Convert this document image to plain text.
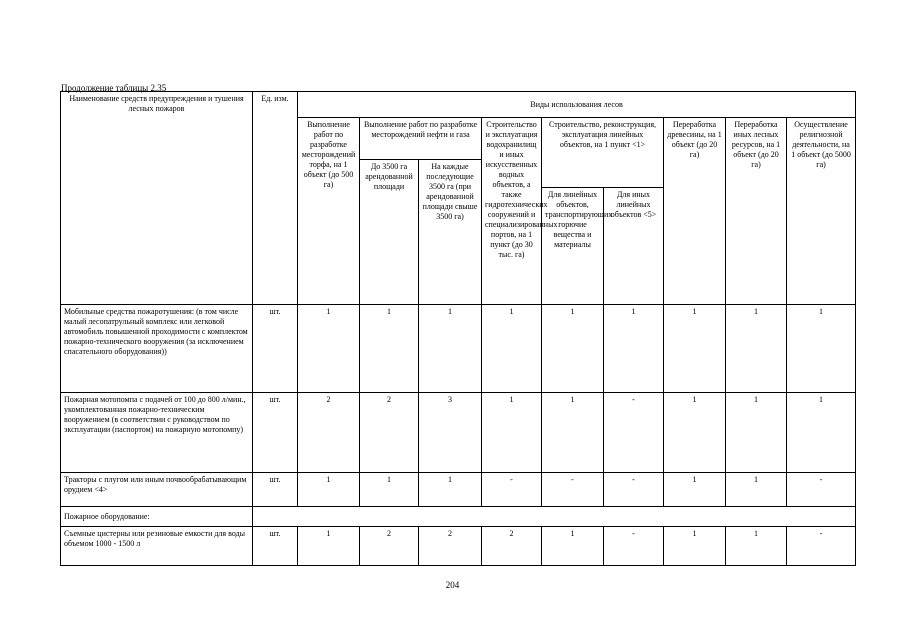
Продолжение таблицы 2.35
Наименование средств предупреждения и тушения лесных пожаров	Ед. изм.	Виды использования лесов								
		Выполнение работ по разработке месторождений торфа, на 1 объект (до 500 га)	Выполнение работ по разработке месторождений нефти и газа		Строительство и эксплуатация водохранилищ и иных искусственных водных объектов, а также гидротехнических сооружений и специализированных портов, на 1 пункт (до 30 тыс. га)	Строительство, реконструкция, эксплуатация линейных объектов, на 1 пункт <1>		Переработка древесины, на 1 объект (до 20 га)	Переработка иных лесных ресурсов, на 1 объект (до 20 га)	Осуществление религиозной деятельности, на 1 объект (до 5000 га)
			До 3500 га арендованной площади	На каждые последующие 3500 га (при арендованной площади свыше 3500 га)						
						Для линейных объектов, транспортирующих горючие вещества и материалы	Для иных линейных объектов <5>			
Мобильные средства пожаротушения: (в том числе малый лесопатрульный комплекс или легковой автомобиль повышенной проходимости с комплектом пожарно-технического вооружения (за исключением спасательного оборудования))	шт.	1	1	1	1	1	1	1	1	1
Пожарная мотопомпа с подачей от 100 до 800 л/мин., укомплектованная пожарно-техническим вооружением (в соответствии с руководством по эксплуатации (паспортом) на пожарную мотопомпу)	шт.	2	2	3	1	1	-	1	1	1
Тракторы с плугом или иным почвообрабатывающим орудием <4>	шт.	1	1	1	-	-	-	1	1	-
Пожарное оборудование:										
Съемные цистерны или резиновые емкости для воды объемом 1000 - 1500 л	шт.	1	2	2	2	1	-	1	1	-
204
